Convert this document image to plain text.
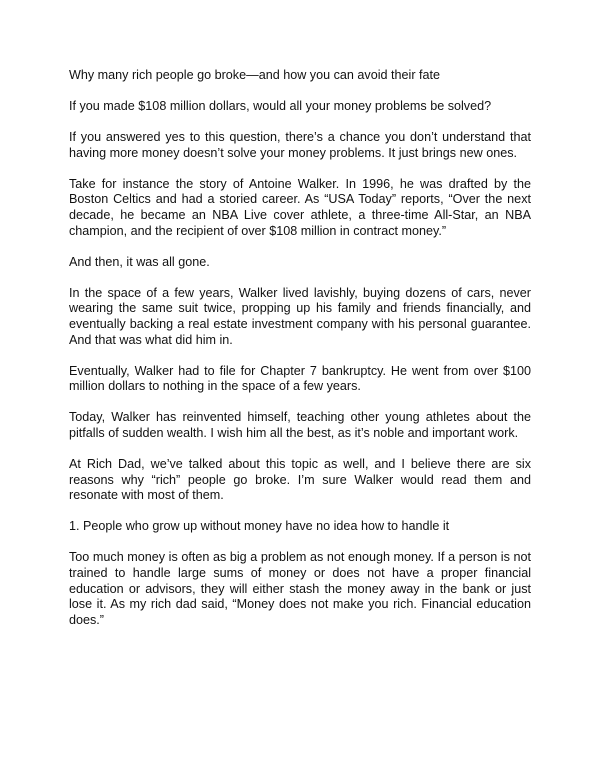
Why many rich people go broke—and how you can avoid their fate

If you made $108 million dollars, would all your money problems be solved?

If you answered yes to this question, there’s a chance you don’t understand that having more money doesn’t solve your money problems. It just brings new ones.

Take for instance the story of Antoine Walker. In 1996, he was drafted by the Boston Celtics and had a storied career. As “USA Today” reports, “Over the next decade, he became an NBA Live cover athlete, a three-time All-Star, an NBA champion, and the recipient of over $108 million in contract money.”

And then, it was all gone.

In the space of a few years, Walker lived lavishly, buying dozens of cars, never wearing the same suit twice, propping up his family and friends financially, and eventually backing a real estate investment company with his personal guarantee. And that was what did him in.

Eventually, Walker had to file for Chapter 7 bankruptcy. He went from over $100 million dollars to nothing in the space of a few years.

Today, Walker has reinvented himself, teaching other young athletes about the pitfalls of sudden wealth. I wish him all the best, as it’s noble and important work.

At Rich Dad, we’ve talked about this topic as well, and I believe there are six reasons why “rich” people go broke. I’m sure Walker would read them and resonate with most of them.

1. People who grow up without money have no idea how to handle it

Too much money is often as big a problem as not enough money. If a person is not trained to handle large sums of money or does not have a proper financial education or advisors, they will either stash the money away in the bank or just lose it. As my rich dad said, “Money does not make you rich. Financial education does.”
